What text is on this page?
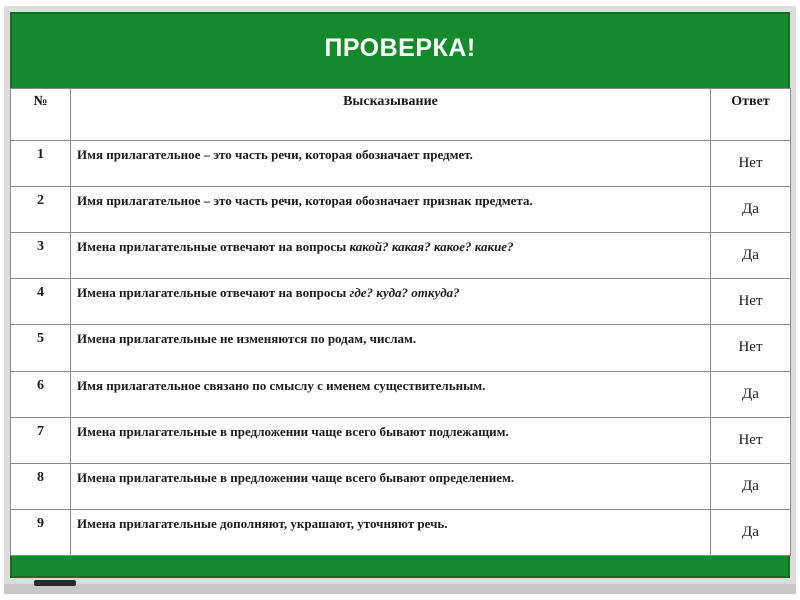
ПРОВЕРКА!
№	Высказывание	Ответ
1	Имя прилагательное – это часть речи, которая обозначает предмет.	Нет
2	Имя прилагательное – это часть речи, которая обозначает признак предмета.	Да
3	Имена прилагательные отвечают на вопросы какой? какая? какое? какие?	Да
4	Имена прилагательные отвечают на вопросы где? куда? откуда?	Нет
5	Имена прилагательные не изменяются по родам, числам.	Нет
6	Имя прилагательное связано по смыслу с именем существительным.	Да
7	Имена прилагательные в предложении чаще всего бывают подлежащим.	Нет
8	Имена прилагательные в предложении чаще всего бывают определением.	Да
9	Имена прилагательные дополняют, украшают, уточняют речь.	Да
